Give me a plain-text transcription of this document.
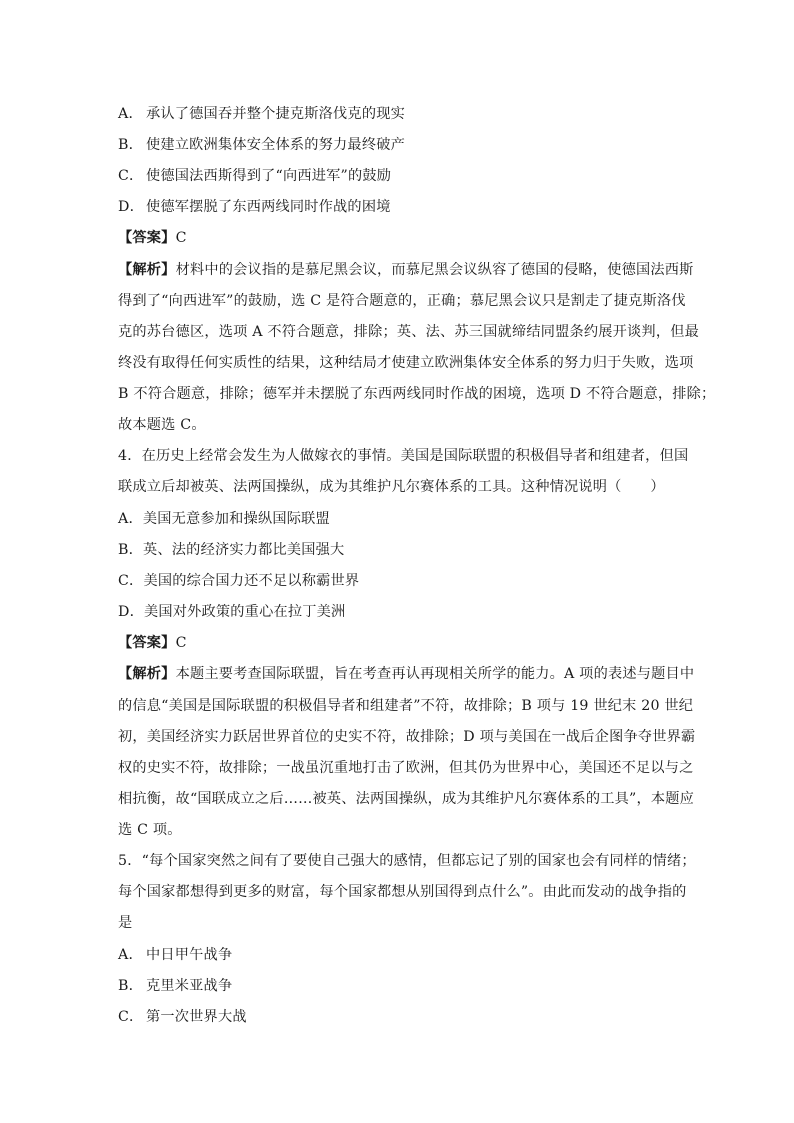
A． 承认了德国吞并整个捷克斯洛伐克的现实
B． 使建立欧洲集体安全体系的努力最终破产
C． 使德国法西斯得到了“向西进军”的鼓励
D． 使德军摆脱了东西两线同时作战的困境
【答案】C
【解析】材料中的会议指的是慕尼黑会议，而慕尼黑会议纵容了德国的侵略，使德国法西斯
得到了“向西进军”的鼓励，选 C 是符合题意的，正确；慕尼黑会议只是割走了捷克斯洛伐
克的苏台德区，选项 A 不符合题意，排除；英、法、苏三国就缔结同盟条约展开谈判，但最
终没有取得任何实质性的结果，这种结局才使建立欧洲集体安全体系的努力归于失败，选项
B 不符合题意，排除；德军并未摆脱了东西两线同时作战的困境，选项 D 不符合题意，排除；
故本题选 C。
4．在历史上经常会发生为人做嫁衣的事情。美国是国际联盟的积极倡导者和组建者，但国
联成立后却被英、法两国操纵，成为其维护凡尔赛体系的工具。这种情况说明（　　）
A．美国无意参加和操纵国际联盟
B．英、法的经济实力都比美国强大
C．美国的综合国力还不足以称霸世界
D．美国对外政策的重心在拉丁美洲
【答案】C
【解析】本题主要考查国际联盟，旨在考查再认再现相关所学的能力。A 项的表述与题目中
的信息“美国是国际联盟的积极倡导者和组建者”不符，故排除；B 项与 19 世纪末 20 世纪
初，美国经济实力跃居世界首位的史实不符，故排除；D 项与美国在一战后企图争夺世界霸
权的史实不符，故排除；一战虽沉重地打击了欧洲，但其仍为世界中心，美国还不足以与之
相抗衡，故“国联成立之后……被英、法两国操纵，成为其维护凡尔赛体系的工具”，本题应
选 C 项。
5．“每个国家突然之间有了要使自己强大的感情，但都忘记了别的国家也会有同样的情绪；
每个国家都想得到更多的财富，每个国家都想从别国得到点什么”。由此而发动的战争指的
是
A． 中日甲午战争
B． 克里米亚战争
C． 第一次世界大战
